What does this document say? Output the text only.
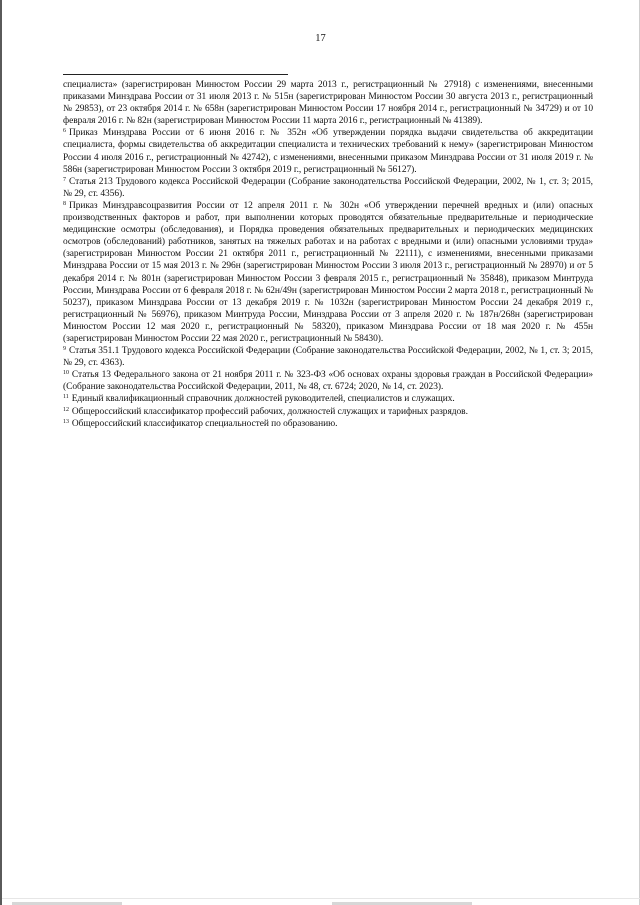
17

специалиста» (зарегистрирован Минюстом России 29 марта 2013 г., регистрационный № 27918) с изменениями, внесенными приказами Минздрава России от 31 июля 2013 г. № 515н (зарегистрирован Минюстом России 30 августа 2013 г., регистрационный № 29853), от 23 октября 2014 г. № 658н (зарегистрирован Минюстом России 17 ноября 2014 г., регистрационный № 34729) и от 10 февраля 2016 г. № 82н (зарегистрирован Минюстом России 11 марта 2016 г., регистрационный № 41389).

$^6$ Приказ Минздрава России от 6 июня 2016 г. № 352н «Об утверждении порядка выдачи свидетельства об аккредитации специалиста, формы свидетельства об аккредитации специалиста и технических требований к нему» (зарегистрирован Минюстом России 4 июля 2016 г., регистрационный № 42742), с изменениями, внесенными приказом Минздрава России от 31 июля 2019 г. № 586н (зарегистрирован Минюстом России 3 октября 2019 г., регистрационный № 56127).

$^7$ Статья 213 Трудового кодекса Российской Федерации (Собрание законодательства Российской Федерации, 2002, № 1, ст. 3; 2015, № 29, ст. 4356).

$^8$ Приказ Минздравсоцразвития России от 12 апреля 2011 г. № 302н «Об утверждении перечней вредных и (или) опасных производственных факторов и работ, при выполнении которых проводятся обязательные предварительные и периодические медицинские осмотры (обследования), и Порядка проведения обязательных предварительных и периодических медицинских осмотров (обследований) работников, занятых на тяжелых работах и на работах с вредными и (или) опасными условиями труда» (зарегистрирован Минюстом России 21 октября 2011 г., регистрационный № 22111), с изменениями, внесенными приказами Минздрава России от 15 мая 2013 г. № 296н (зарегистрирован Минюстом России 3 июля 2013 г., регистрационный № 28970) и от 5 декабря 2014 г. № 801н (зарегистрирован Минюстом России 3 февраля 2015 г., регистрационный № 35848), приказом Минтруда России, Минздрава России от 6 февраля 2018 г. № 62н/49н (зарегистрирован Минюстом России 2 марта 2018 г., регистрационный № 50237), приказом Минздрава России от 13 декабря 2019 г. № 1032н (зарегистрирован Минюстом России 24 декабря 2019 г., регистрационный № 56976), приказом Минтруда России, Минздрава России от 3 апреля 2020 г. № 187н/268н (зарегистрирован Минюстом России 12 мая 2020 г., регистрационный № 58320), приказом Минздрава России от 18 мая 2020 г. № 455н (зарегистрирован Минюстом России 22 мая 2020 г., регистрационный № 58430).

$^9$ Статья 351.1 Трудового кодекса Российской Федерации (Собрание законодательства Российской Федерации, 2002, № 1, ст. 3; 2015, № 29, ст. 4363).

$^{10}$ Статья 13 Федерального закона от 21 ноября 2011 г. № 323-ФЗ «Об основах охраны здоровья граждан в Российской Федерации» (Собрание законодательства Российской Федерации, 2011, № 48, ст. 6724; 2020, № 14, ст. 2023).

$^{11}$ Единый квалификационный справочник должностей руководителей, специалистов и служащих.

$^{12}$ Общероссийский классификатор профессий рабочих, должностей служащих и тарифных разрядов.

$^{13}$ Общероссийский классификатор специальностей по образованию.
